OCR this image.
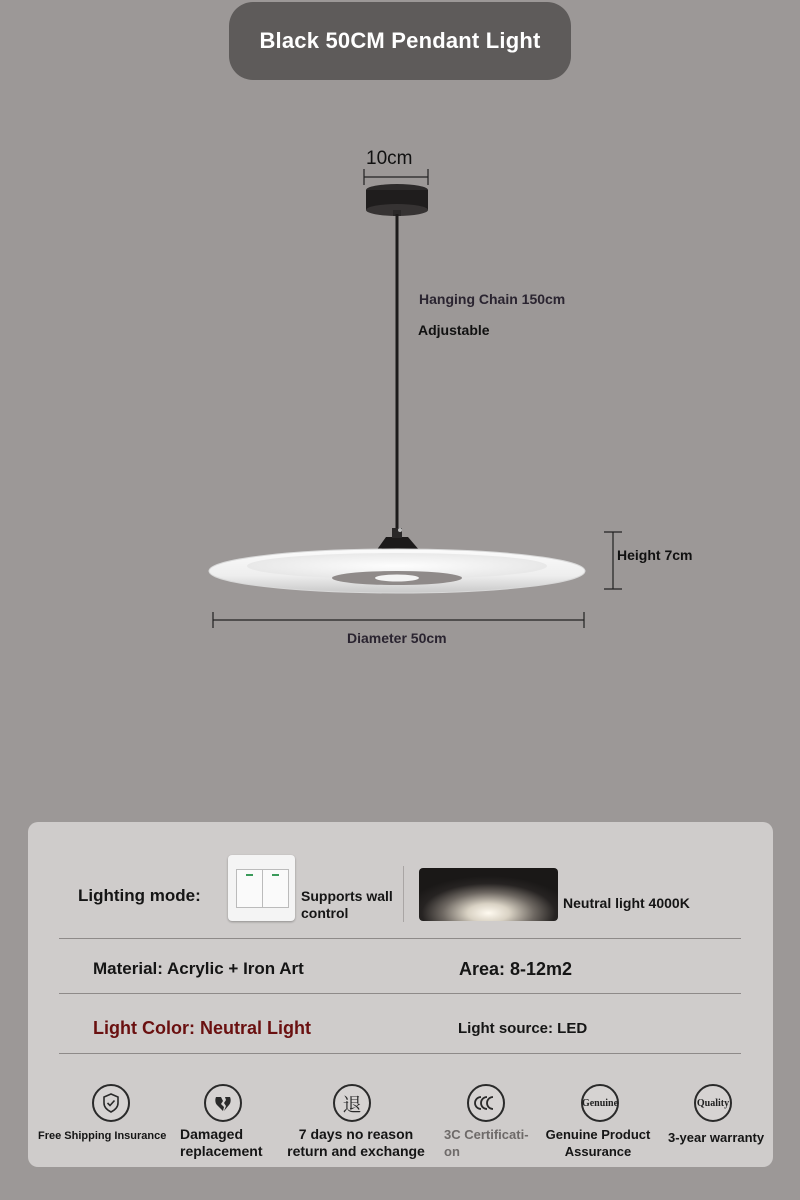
Black 50CM Pendant Light
10cm
Hanging Chain 150cm
Adjustable
Height 7cm
Diameter 50cm
Lighting mode:	Supports wall
control
Neutral light 4000K
Material: Acrylic + Iron Art	Area: 8-12m2
Light Color: Neutral Light	Light source: LED
Free Shipping Insurance Damaged
replacement
退
7 days no reason
return and exchange
3C Certificati-
on
Genuine
Genuine Product
Assurance
Quality
3-year warranty
